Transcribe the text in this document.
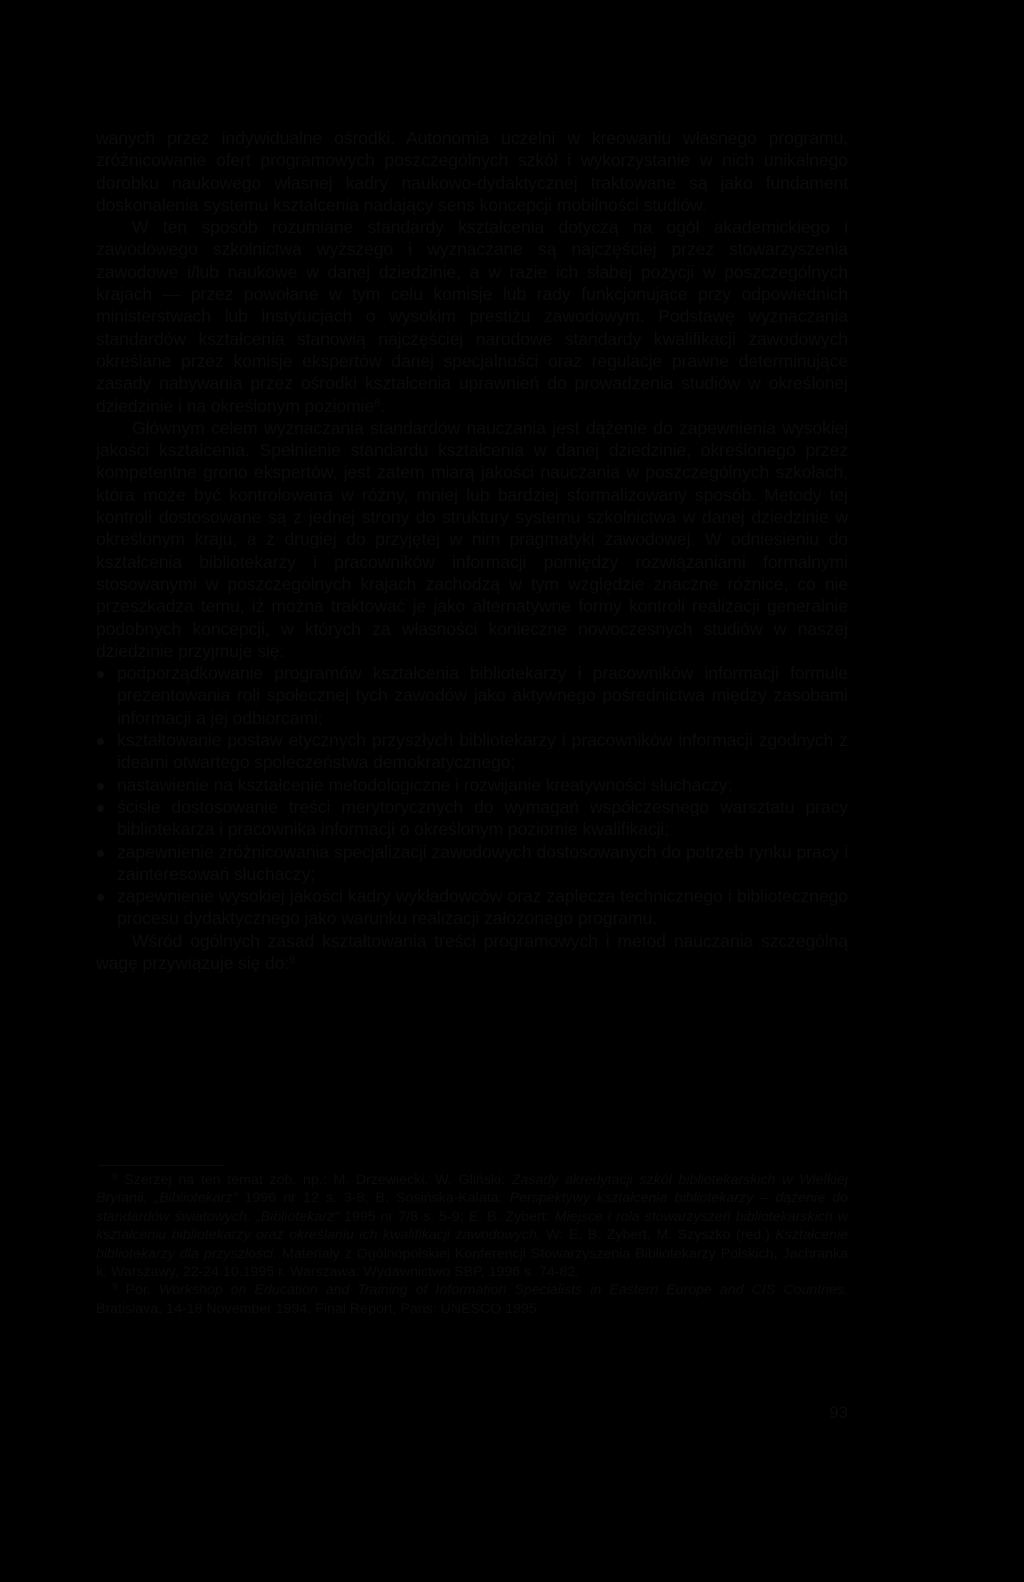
wanych przez indywidualne ośrodki. Autonomia uczelni w kreowaniu własnego programu, zróżnicowanie ofert programowych poszczególnych szkół i wykorzystanie w nich unikalnego dorobku naukowego własnej kadry naukowo-dydaktycznej traktowane są jako fundament doskonalenia systemu kształcenia nadający sens koncepcji mobilności studiów.

W ten sposób rozumiane standardy kształcenia dotyczą na ogół akademickiego i zawodowego szkolnictwa wyższego i wyznaczane są najczęściej przez stowarzyszenia zawodowe i/lub naukowe w danej dziedzinie, a w razie ich słabej pozycji w poszczególnych krajach — przez powołane w tym celu komisje lub rady funkcjonujące przy odpowiednich ministerstwach lub instytucjach o wysokim prestiżu zawodowym. Podstawę wyznaczania standardów kształcenia stanowią najczęściej narodowe standardy kwalifikacji zawodowych określane przez komisje ekspertów danej specjalności oraz regulacje prawne determinujące zasady nabywania przez ośrodki kształcenia uprawnień do prowadzenia studiów w określonej dziedzinie i na określonym poziomie$^8$.

Głównym celem wyznaczania standardów nauczania jest dążenie do zapewnienia wysokiej jakości kształcenia. Spełnienie standardu kształcenia w danej dziedzinie, określonego przez kompetentne grono ekspertów, jest zatem miarą jakości nauczania w poszczególnych szkołach, która może być kontrolowana w różny, mniej lub bardziej sformalizowany sposób. Metody tej kontroli dostosowane są z jednej strony do struktury systemu szkolnictwa w danej dziedzinie w określonym kraju, a z drugiej do przyjętej w nim pragmatyki zawodowej. W odniesieniu do kształcenia bibliotekarzy i pracowników informacji pomiędzy rozwiązaniami formalnymi stosowanymi w poszczególnych krajach zachodzą w tym względzie znaczne różnice, co nie przeszkadza temu, iż można traktować je jako alternatywne formy kontroli realizacji generalnie podobnych koncepcji, w których za własności konieczne nowoczesnych studiów w naszej dziedzinie przyjmuje się:

podporządkowanie programów kształcenia bibliotekarzy i pracowników informacji formule prezentowania roli społecznej tych zawodów jako aktywnego pośrednictwa między zasobami informacji a jej odbiorcami;
kształtowanie postaw etycznych przyszłych bibliotekarzy i pracowników informacji zgodnych z ideami otwartego społeczeństwa demokratycznego;
nastawienie na kształcenie metodologiczne i rozwijanie kreatywności słuchaczy;
ścisłe dostosowanie treści merytorycznych do wymagań współczesnego warsztatu pracy bibliotekarza i pracownika informacji o określonym poziomie kwalifikacji;
zapewnienie zróżnicowania specjalizacji zawodowych dostosowanych do potrzeb rynku pracy i zainteresowań słuchaczy;
zapewnienie wysokiej jakości kadry wykładowców oraz zaplecza technicznego i bibliotecznego procesu dydaktycznego jako warunku realizacji założonego programu.

Wśród ogólnych zasad kształtowania treści programowych i metod nauczania szczególną wagę przywiązuje się do:$^9$

$^8$ Szerzej na ten temat zob. np.: M. Drzewiecki, W. Gliński: Zasady akredytacji szkół bibliotekarskich w Wielkiej Brytanii. „Bibliotekarz" 1996 nr 12 s. 3-8; B. Sosińska-Kalata: Perspektywy kształcenia bibliotekarzy – dążenie do standardów światowych. „Bibliotekarz" 1995 nr 7/8 s. 5-9; E. B. Zybert: Miejsce i rola stowarzyszeń bibliotekarskich w kształceniu bibliotekarzy oraz określaniu ich kwalifikacji zawodowych. W: E. B. Zybert, M. Szyszko (red.) Kształcenie bibliotekarzy dla przyszłości. Materiały z Ogólnopolskiej Konferencji Stowarzyszenia Bibliotekarzy Polskich, Jachranka k. Warszawy, 22-24.10.1995 r. Warszawa: Wydawnictwo SBP, 1996 s. 74-82.

$^9$ Por. Workshop on Education and Training of Information Specialists in Eastern Europe and CIS Countries. Bratislava, 14-18 November 1994. Final Report, Paris: UNESCO 1995.

93
